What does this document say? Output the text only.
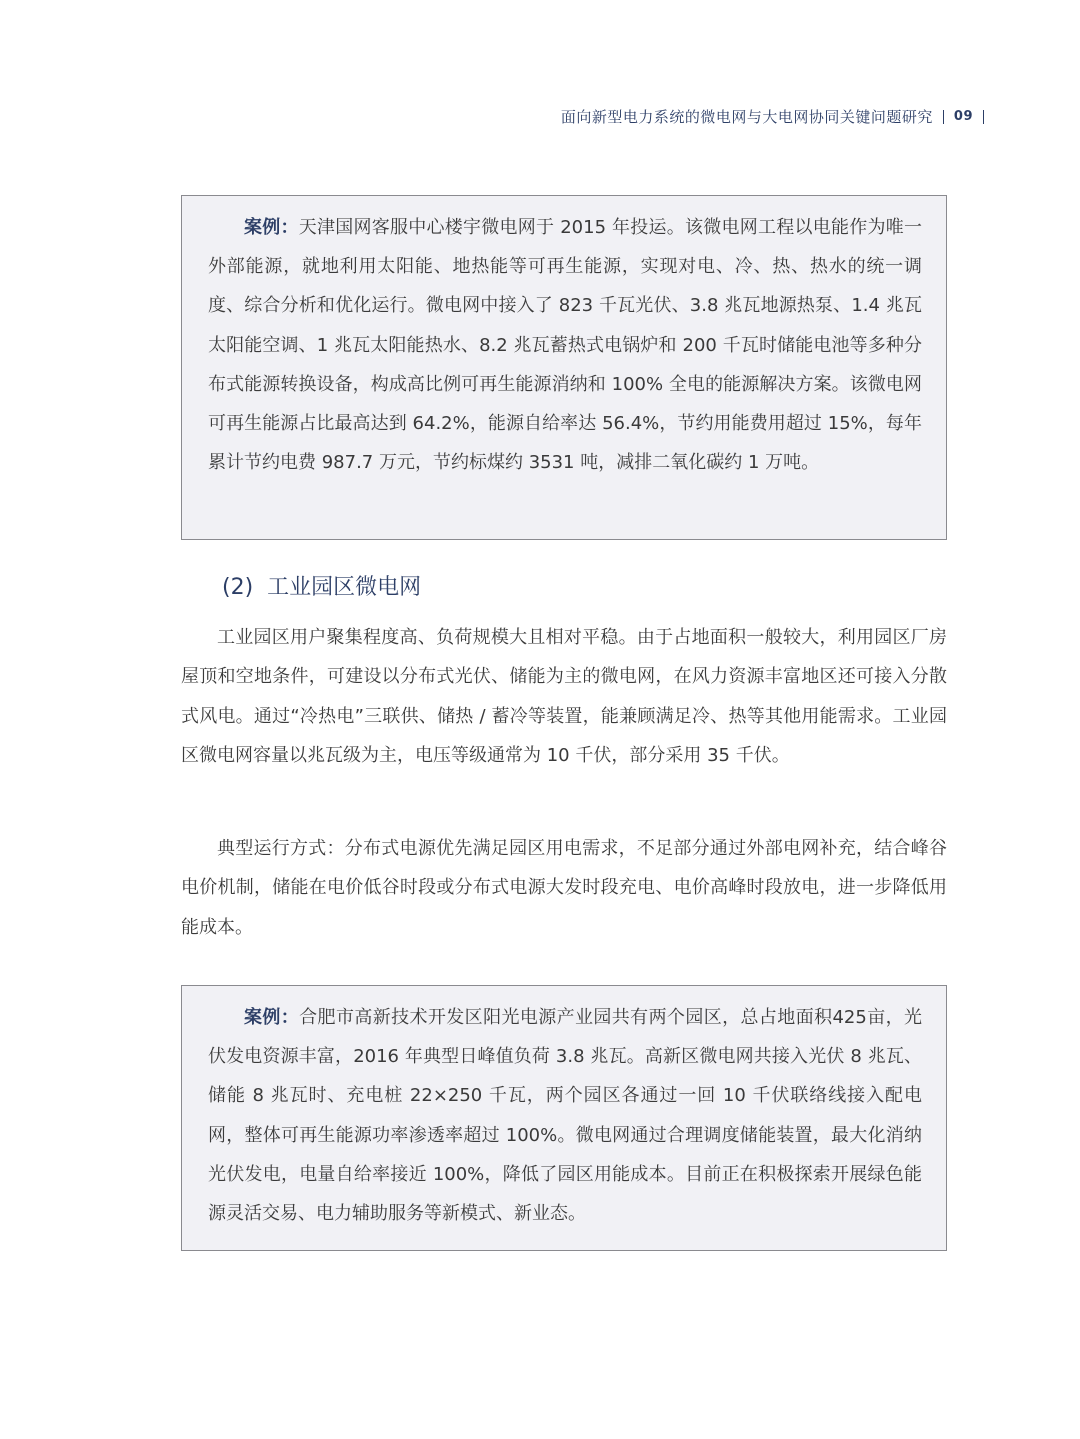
面向新型电力系统的微电网与大电网协同关键问题研究 09

案例：天津国网客服中心楼宇微电网于 2015 年投运。该微电网工程以电能作为唯一外部能源，就地利用太阳能、地热能等可再生能源，实现对电、冷、热、热水的统一调度、综合分析和优化运行。微电网中接入了 823 千瓦光伏、3.8 兆瓦地源热泵、1.4 兆瓦太阳能空调、1 兆瓦太阳能热水、8.2 兆瓦蓄热式电锅炉和 200 千瓦时储能电池等多种分布式能源转换设备，构成高比例可再生能源消纳和 100% 全电的能源解决方案。该微电网可再生能源占比最高达到 64.2%，能源自给率达 56.4%，节约用能费用超过 15%，每年累计节约电费 987.7 万元，节约标煤约 3531 吨，减排二氧化碳约 1 万吨。

(2) 工业园区微电网

工业园区用户聚集程度高、负荷规模大且相对平稳。由于占地面积一般较大，利用园区厂房屋顶和空地条件，可建设以分布式光伏、储能为主的微电网，在风力资源丰富地区还可接入分散式风电。通过“冷热电”三联供、储热 / 蓄冷等装置，能兼顾满足冷、热等其他用能需求。工业园区微电网容量以兆瓦级为主，电压等级通常为 10 千伏，部分采用 35 千伏。

典型运行方式：分布式电源优先满足园区用电需求，不足部分通过外部电网补充，结合峰谷电价机制，储能在电价低谷时段或分布式电源大发时段充电、电价高峰时段放电，进一步降低用能成本。

案例：合肥市高新技术开发区阳光电源产业园共有两个园区，总占地面积425亩，光伏发电资源丰富，2016 年典型日峰值负荷 3.8 兆瓦。高新区微电网共接入光伏 8 兆瓦、储能 8 兆瓦时、充电桩 22×250 千瓦，两个园区各通过一回 10 千伏联络线接入配电网，整体可再生能源功率渗透率超过 100%。微电网通过合理调度储能装置，最大化消纳光伏发电，电量自给率接近 100%，降低了园区用能成本。目前正在积极探索开展绿色能源灵活交易、电力辅助服务等新模式、新业态。
